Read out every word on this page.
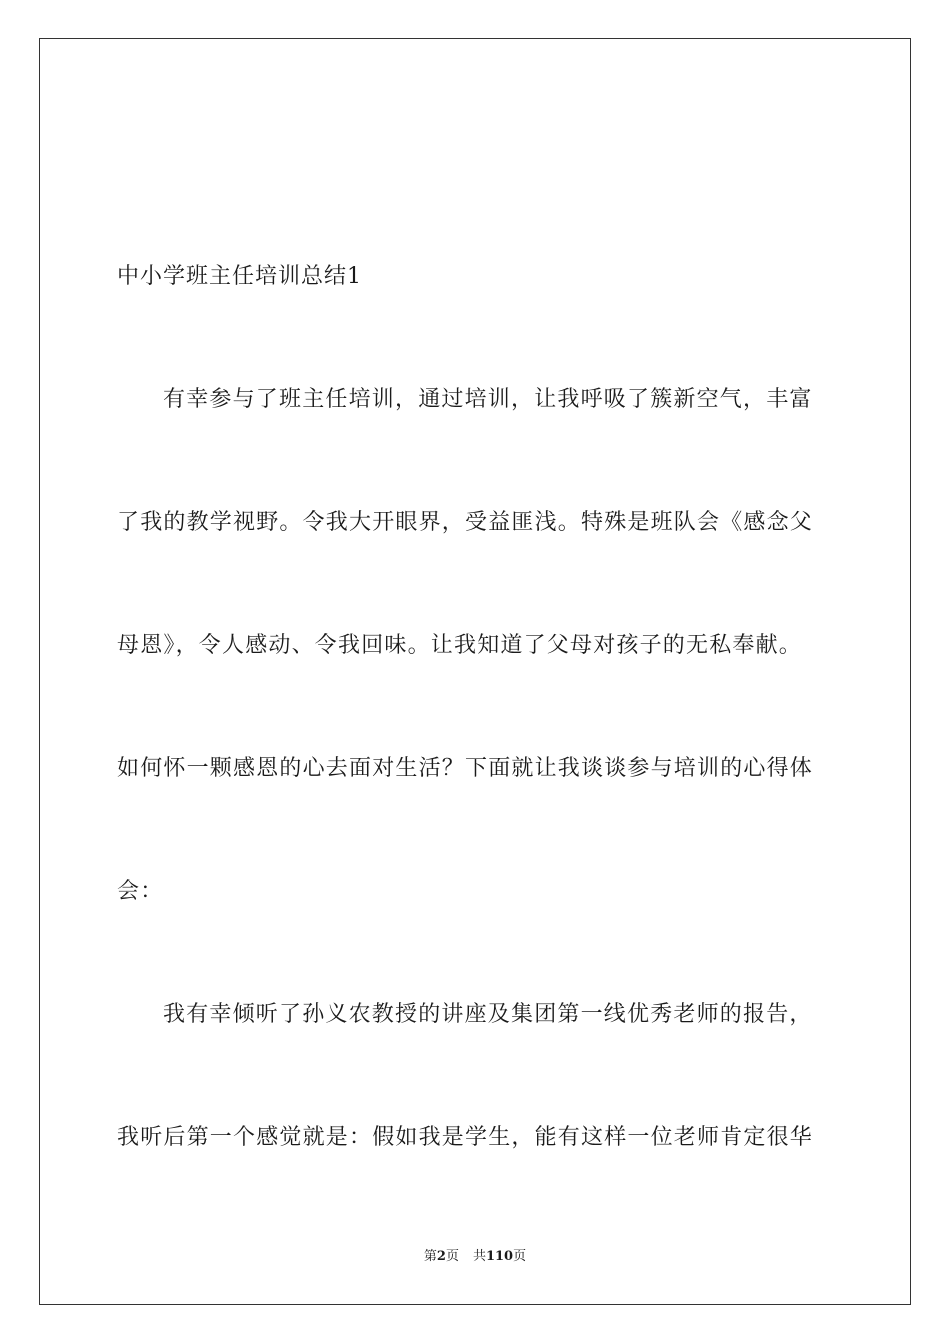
中小学班主任培训总结1
有幸参与了班主任培训，通过培训，让我呼吸了簇新空气，丰富
了我的教学视野。令我大开眼界，受益匪浅。特殊是班队会《感念父
母恩》，令人感动、令我回味。让我知道了父母对孩子的无私奉献。
如何怀一颗感恩的心去面对生活？下面就让我谈谈参与培训的心得体
会：
我有幸倾听了孙义农教授的讲座及集团第一线优秀老师的报告，
我听后第一个感觉就是：假如我是学生，能有这样一位老师肯定很华
第2页 共110页
